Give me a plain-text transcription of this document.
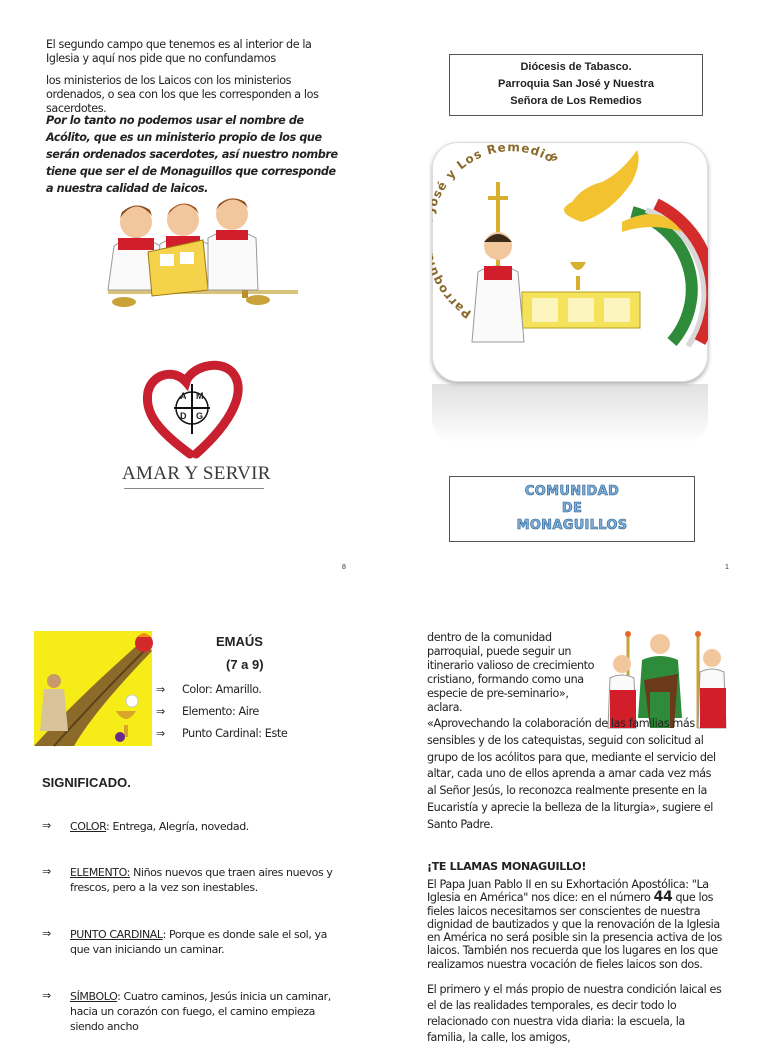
El segundo campo que tenemos es al interior de la Iglesia y aquí nos pide que no confundamos
los ministerios de los Laicos con los ministerios ordenados, o sea con los que les corresponden a los sacerdotes.
Por lo tanto no podemos usar el nombre de Acólito, que es un ministerio propio de los que serán ordenados sacerdotes, así nuestro nombre tiene que ser el de Monaguillos que corresponde a nuestra calidad de laicos.
A M
D G
AMAR Y SERVIR
8
Diócesis de Tabasco.
Parroquia San José y Nuestra
Señora de Los Remedios
Parro é y Los Remedios
COMUNIDAD
DE
MONAGUILLOS
1
EMAÚS
(7 a 9)
⇒	Color: Amarillo.
⇒	Elemento: Aire
⇒	Punto Cardinal: Este
SIGNIFICADO.
⇒	COLOR: Entrega, Alegría, novedad.
⇒	ELEMENTO: Niños nuevos que traen aires nuevos y frescos, pero a la vez son inestables.
⇒	PUNTO CARDINAL: Porque es donde sale el sol, ya que van iniciando un caminar.
⇒	SÍMBOLO: Cuatro caminos, Jesús inicia un caminar, hacia un corazón con fuego, el camino empieza siendo ancho
dentro de la comunidad parroquial, puede seguir un itinerario valioso de crecimiento cristiano, formando como una especie de pre-seminario», aclara.
«Aprovechando la colaboración de las familias más sensibles y de los catequistas, seguid con solicitud al grupo de los acólitos para que, mediante el servicio del altar, cada uno de ellos aprenda a amar cada vez más al Señor Jesús, lo reconozca realmente presente en la Eucaristía y aprecie la belleza de la liturgia», sugiere el Santo Padre.
¡TE LLAMAS MONAGUILLO!
El Papa Juan Pablo II en su Exhortación Apostólica: "La Iglesia en América" nos dice: en el número 44 que los fieles laicos necesitamos ser conscientes de nuestra dignidad de bautizados y que la renovación de la Iglesia en América no será posible sin la presencia activa de los laicos. También nos recuerda que los lugares en los que realizamos nuestra vocación de fieles laicos son dos.
El primero y el más propio de nuestra condición laical es el de las realidades temporales, es decir todo lo relacionado con nuestra vida diaria: la escuela, la familia, la calle, los amigos,
